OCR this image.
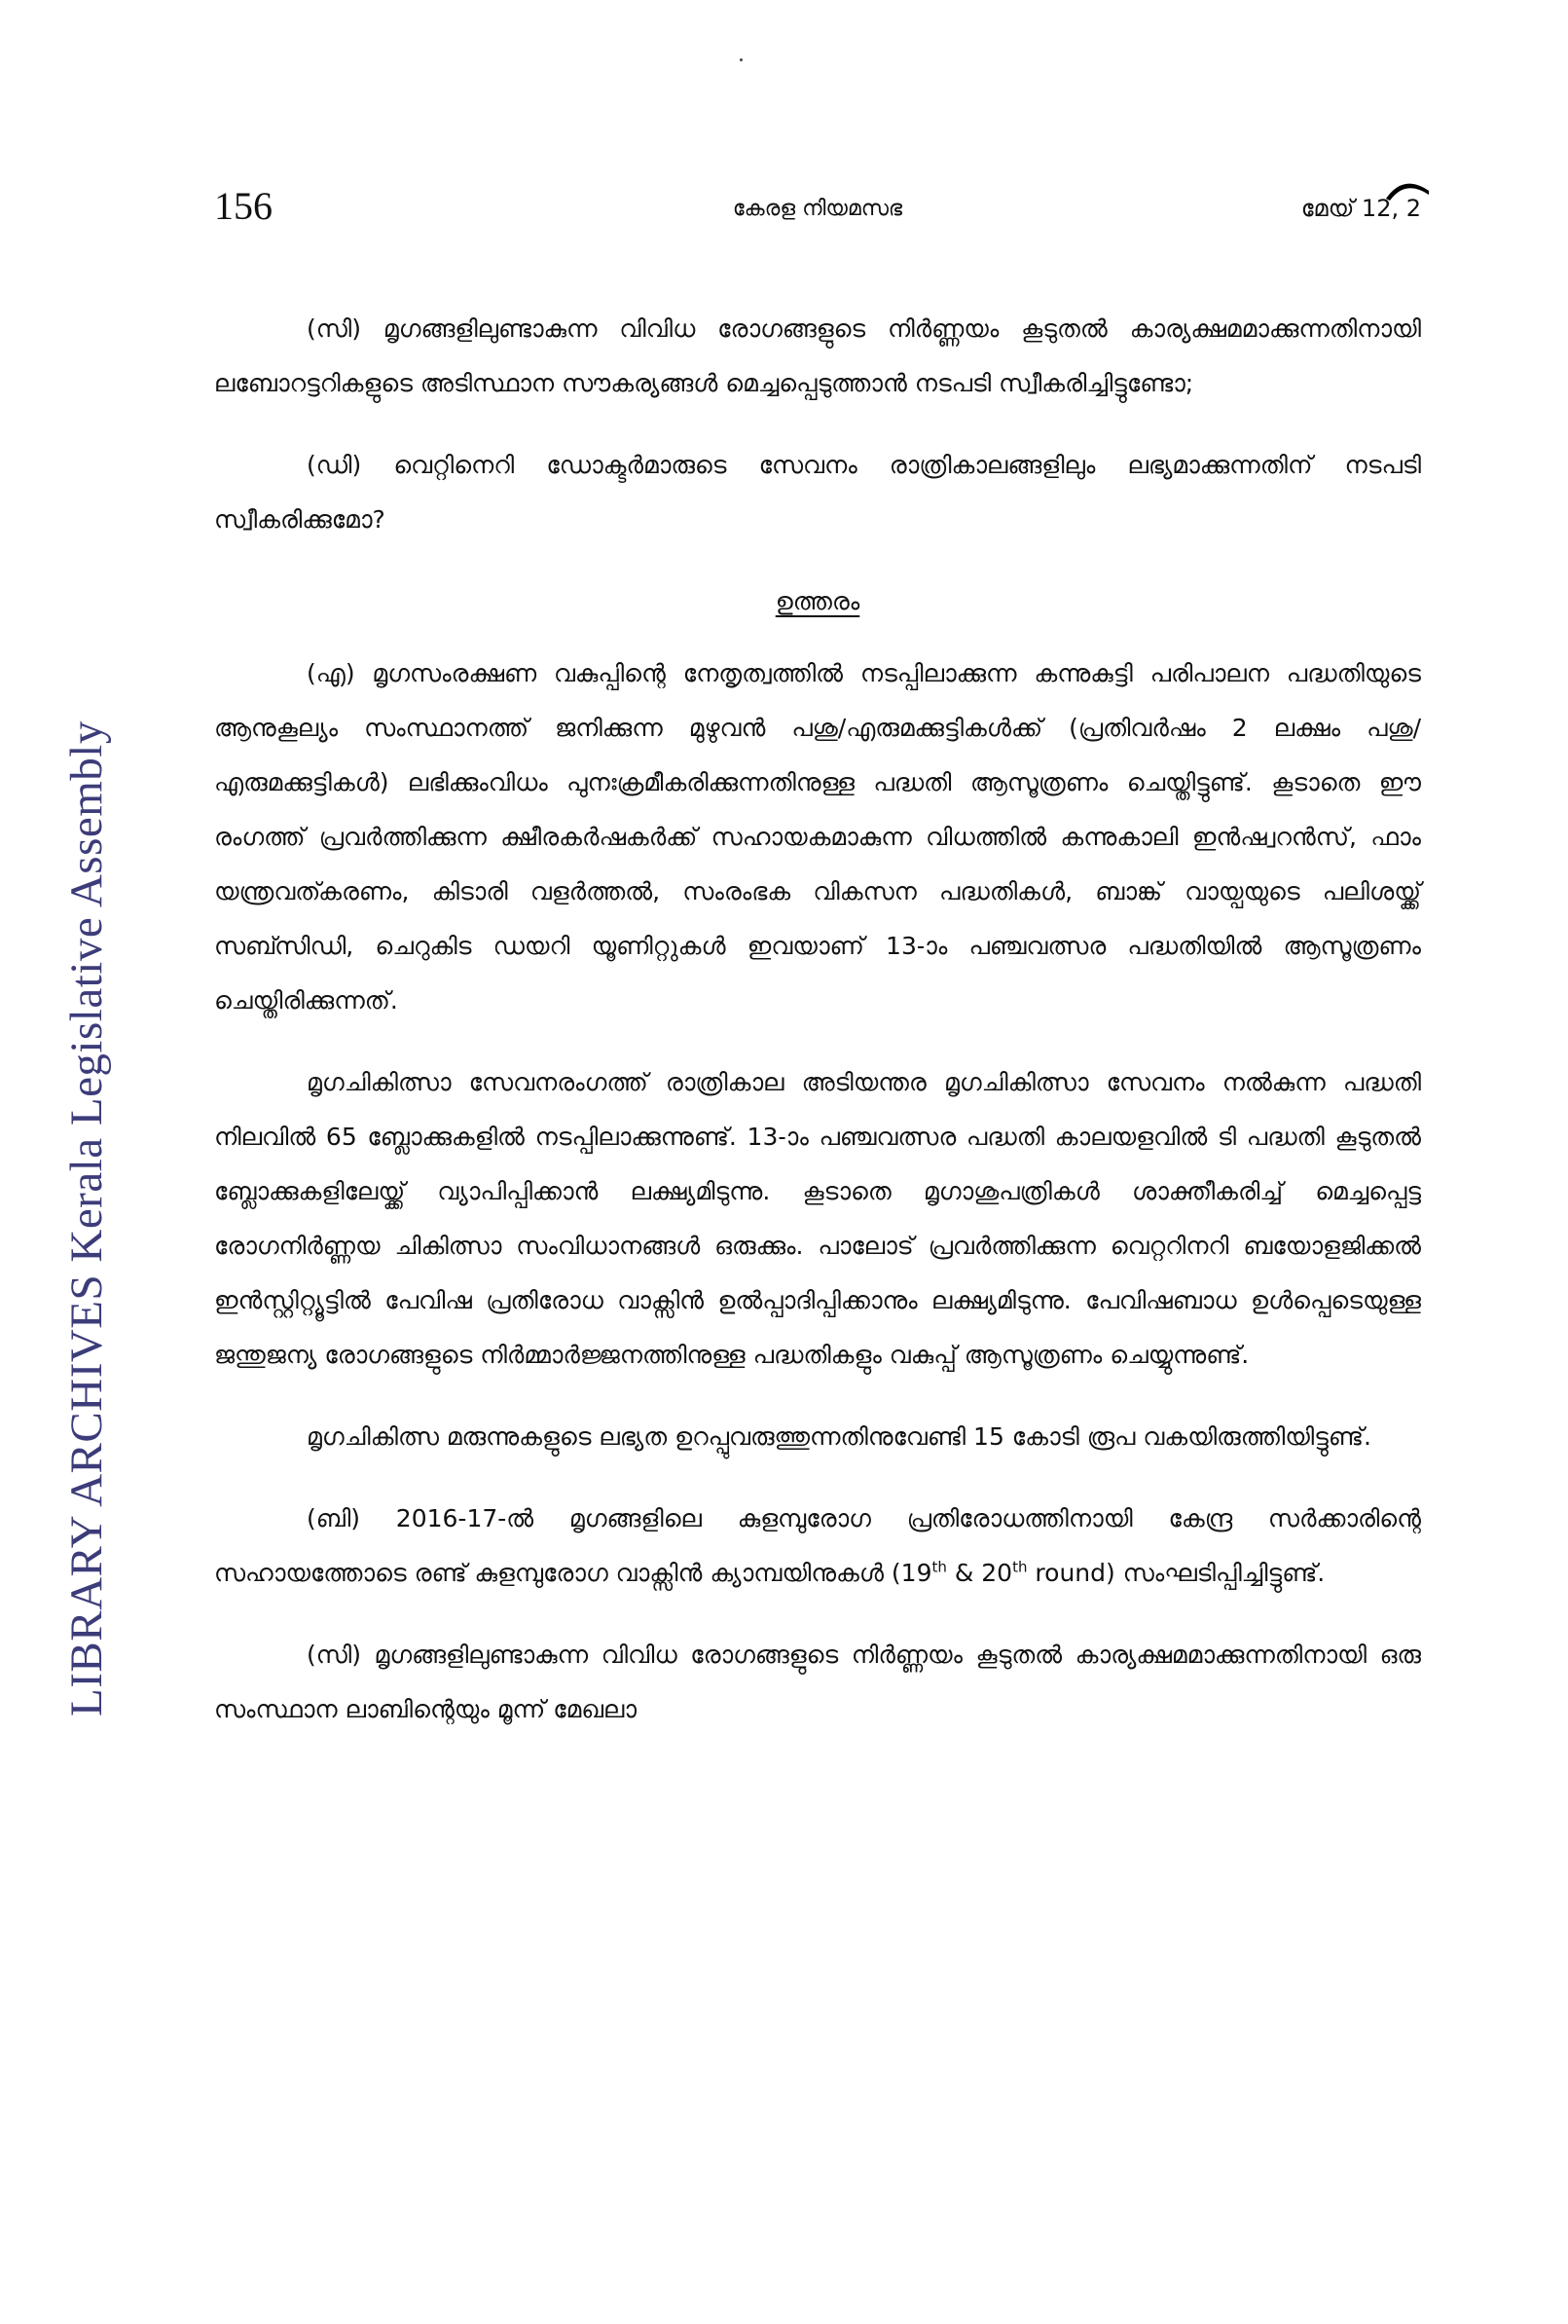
LIBRARY ARCHIVES Kerala Legislative Assembly
156	കേരള നിയമസഭ	മേയ് 12, 2

(സി) മൃഗങ്ങളിലുണ്ടാകുന്ന വിവിധ രോഗങ്ങളുടെ നിർണ്ണയം കൂടുതൽ കാര്യക്ഷമമാക്കുന്നതിനായി ലബോറട്ടറികളുടെ അടിസ്ഥാന സൗകര്യങ്ങൾ മെച്ചപ്പെടുത്താൻ നടപടി സ്വീകരിച്ചിട്ടുണ്ടോ;

(ഡി) വെറ്റിനെറി ഡോക്ടർമാരുടെ സേവനം രാത്രികാലങ്ങളിലും ലഭ്യമാക്കുന്നതിന് നടപടി സ്വീകരിക്കുമോ?

ഉത്തരം

(എ) മൃഗസംരക്ഷണ വകുപ്പിന്റെ നേതൃത്വത്തിൽ നടപ്പിലാക്കുന്ന കന്നുകുട്ടി പരിപാലന പദ്ധതിയുടെ ആനുകൂല്യം സംസ്ഥാനത്ത് ജനിക്കുന്ന മുഴുവൻ പശു/എരുമക്കുട്ടികൾക്ക് (പ്രതിവർഷം 2 ലക്ഷം പശു/എരുമക്കുട്ടികൾ) ലഭിക്കുംവിധം പുനഃക്രമീകരിക്കുന്നതിനുള്ള പദ്ധതി ആസൂത്രണം ചെയ്തിട്ടുണ്ട്. കൂടാതെ ഈ രംഗത്ത് പ്രവർത്തിക്കുന്ന ക്ഷീരകർഷകർക്ക് സഹായകമാകുന്ന വിധത്തിൽ കന്നുകാലി ഇൻഷ്വറൻസ്, ഫാം യന്ത്രവത്കരണം, കിടാരി വളർത്തൽ, സംരംഭക വികസന പദ്ധതികൾ, ബാങ്ക് വായ്പയുടെ പലിശയ്ക്ക് സബ്സിഡി, ചെറുകിട ഡയറി യൂണിറ്റുകൾ ഇവയാണ് 13-ാം പഞ്ചവത്സര പദ്ധതിയിൽ ആസൂത്രണം ചെയ്തിരിക്കുന്നത്.

മൃഗചികിത്സാ സേവനരംഗത്ത് രാത്രികാല അടിയന്തര മൃഗചികിത്സാ സേവനം നൽകുന്ന പദ്ധതി നിലവിൽ 65 ബ്ലോക്കുകളിൽ നടപ്പിലാക്കുന്നുണ്ട്. 13-ാം പഞ്ചവത്സര പദ്ധതി കാലയളവിൽ ടി പദ്ധതി കൂടുതൽ ബ്ലോക്കുകളിലേയ്ക്ക് വ്യാപിപ്പിക്കാൻ ലക്ഷ്യമിടുന്നു. കൂടാതെ മൃഗാശുപത്രികൾ ശാക്തീകരിച്ച് മെച്ചപ്പെട്ട രോഗനിർണ്ണയ ചികിത്സാ സംവിധാനങ്ങൾ ഒരുക്കും. പാലോട് പ്രവർത്തിക്കുന്ന വെറ്ററിനറി ബയോളജിക്കൽ ഇൻസ്റ്റിറ്റ്യൂട്ടിൽ പേവിഷ പ്രതിരോധ വാക്സിൻ ഉൽപ്പാദിപ്പിക്കാനും ലക്ഷ്യമിടുന്നു. പേവിഷബാധ ഉൾപ്പെടെയുള്ള ജന്തുജന്യ രോഗങ്ങളുടെ നിർമ്മാർജ്ജനത്തിനുള്ള പദ്ധതികളും വകുപ്പ് ആസൂത്രണം ചെയ്യുന്നുണ്ട്.

മൃഗചികിത്സ മരുന്നുകളുടെ ലഭ്യത ഉറപ്പുവരുത്തുന്നതിനുവേണ്ടി 15 കോടി രൂപ വകയിരുത്തിയിട്ടുണ്ട്.

(ബി) 2016-17-ൽ മൃഗങ്ങളിലെ കുളമ്പുരോഗ പ്രതിരോധത്തിനായി കേന്ദ്ര സർക്കാരിന്റെ സഹായത്തോടെ രണ്ട് കുളമ്പുരോഗ വാക്സിൻ ക്യാമ്പയിനുകൾ (19th & 20th round) സംഘടിപ്പിച്ചിട്ടുണ്ട്.

(സി) മൃഗങ്ങളിലുണ്ടാകുന്ന വിവിധ രോഗങ്ങളുടെ നിർണ്ണയം കൂടുതൽ കാര്യക്ഷമമാക്കുന്നതിനായി ഒരു സംസ്ഥാന ലാബിന്റെയും മൂന്ന് മേഖലാ
